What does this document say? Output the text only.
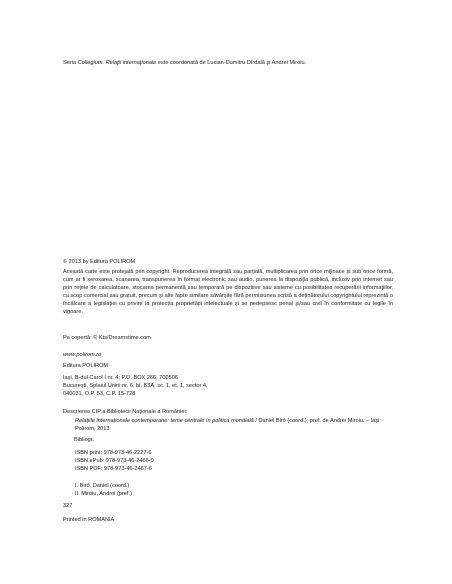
Seria Collegium. Relații internaționale este coordonată de Lucian-Dumitru Dîrdală și Andrei Miroiu.

© 2013 by Editura POLIROM

Această carte este protejată prin copyright. Reproducerea integrală sau parțială, multiplicarea prin orice mijloace și sub orice formă, cum ar fi xeroxarea, scanarea, transpunerea în format electronic sau audio, punerea la dispoziția publică, inclusiv prin internet sau prin rețele de calculatoare, stocarea permanentă sau temporară pe dispozitive sau sisteme cu posibilitatea recuperării informațiilor, cu scop comercial sau gratuit, precum și alte fapte similare săvârșite fără permisiunea scrisă a deținătorului copyrightului reprezintă o încălcare a legislației cu privire la protecția proprietății intelectuale și se pedepsesc penal și/sau civil în conformitate cu legile în vigoare.

Pe copertă: © Kts/Dreamstime.com

www.polirom.ro

Editura POLIROM

Iași, B-dul Carol I nr. 4; P.O. BOX 266, 700506
București, Splaiul Unirii nr. 6, bl. B3A, sc. 1, et. 1, sector 4,
040031, O.P. 53, C.P. 15-728

Descrierea CIP a Bibliotecii Naționale a României:

Relațiile internaționale contemporane: teme centrale în politica mondială / Daniel Biró (coord.); pref. de Andrei Miroiu. – Iași: Polirom, 2013

Bibliogr.

ISBN print: 978-973-46-2227-6
ISBN ePub: 978-973-46-2466-9
ISBN PDF: 978-973-46-2467-6

I. Biró, Daniel (coord.)
II. Miroiu, Andrei (pref.)

327

Printed in ROMANIA
